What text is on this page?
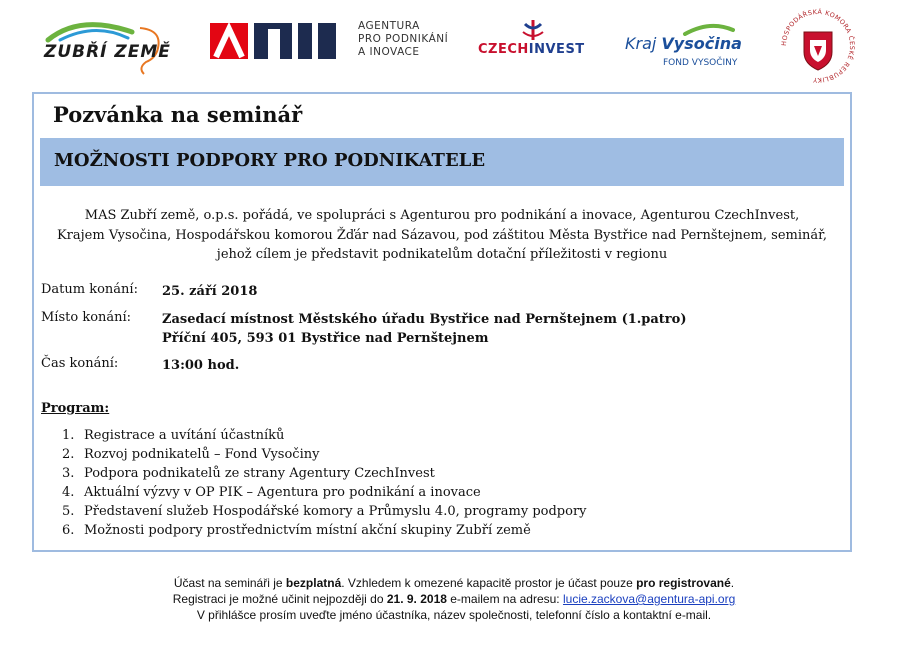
ZUBŘÍ ZEMĚ
AGENTURA
PRO PODNIKÁNÍ
A INOVACE	CZECHINVEST	Kraj Vysočina
FOND VYSOČINY
HOSPODÁŘSKÁ KOMORA ČESKÉ REPUBLIKY
Pozvánka na seminář
MOŽNOSTI PODPORY PRO PODNIKATELE
MAS Zubří země, o.p.s. pořádá, ve spolupráci s Agenturou pro podnikání a inovace, Agenturou CzechInvest,
Krajem Vysočina, Hospodářskou komorou Žďár nad Sázavou, pod záštitou Města Bystřice nad Pernštejnem, seminář,
jehož cílem je představit podnikatelům dotační příležitosti v regionu
Datum konání: 25. září 2018
Místo konání: Zasedací místnost Městského úřadu Bystřice nad Pernštejnem (1.patro)
Příční 405, 593 01 Bystřice nad Pernštejnem
Čas konání:	13:00 hod.
Program:
1. Registrace a uvítání účastníků
2. Rozvoj podnikatelů – Fond Vysočiny
3. Podpora podnikatelů ze strany Agentury CzechInvest
4. Aktuální výzvy v OP PIK – Agentura pro podnikání a inovace
5. Představení služeb Hospodářské komory a Průmyslu 4.0, programy podpory
6. Možnosti podpory prostřednictvím místní akční skupiny Zubří země
Účast na semináři je bezplatná. Vzhledem k omezené kapacitě prostor je účast pouze pro registrované.
Registraci je možné učinit nejpozději do 21. 9. 2018 e-mailem na adresu: lucie.zackova@agentura-api.org
V přihlášce prosím uveďte jméno účastníka, název společnosti, telefonní číslo a kontaktní e-mail.
